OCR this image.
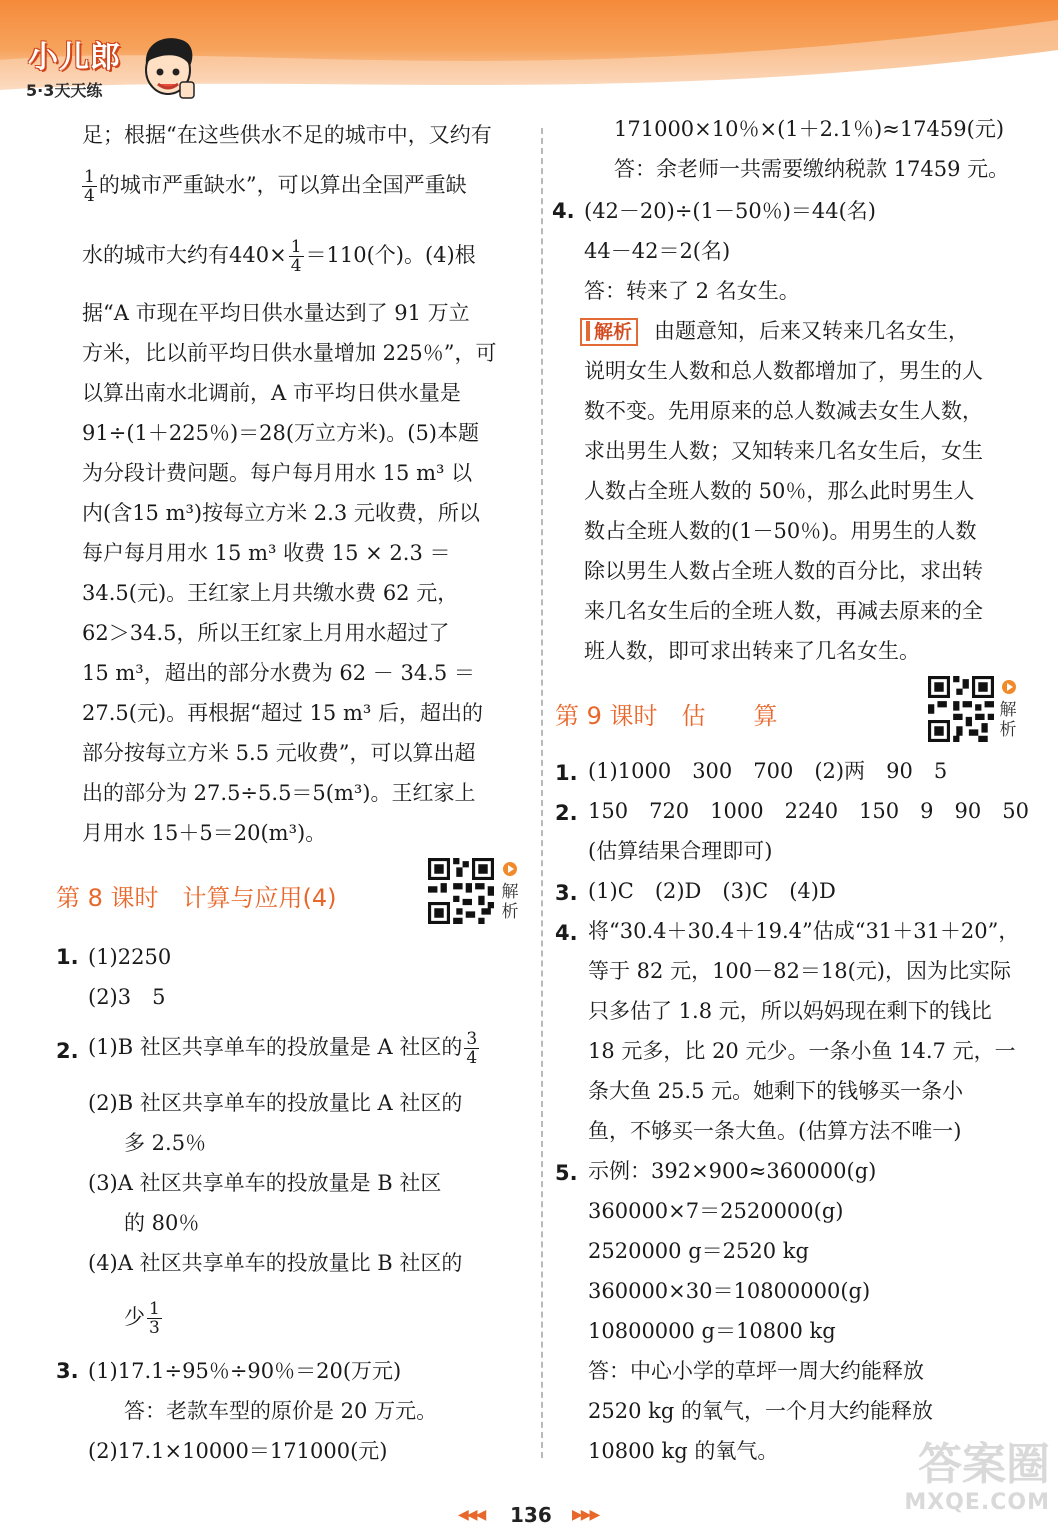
小儿郎
5·3天天练
足；根据“在这些供水不足的城市中，又约有
$\frac{1}{4}$ 的城市严重缺水”，可以算出全国严重缺
水的城市大约有$440\times \frac{1}{4} =110$(个)。(4)根
据“A 市现在平均日供水量达到了 91 万立
方米，比以前平均日供水量增加 225％”，可
以算出南水北调前，A 市平均日供水量是
91÷(1＋225％)＝28(万立方米)。(5)本题
为分段计费问题。每户每月用水 15 m³ 以
内(含15 m³)按每立方米 2.3 元收费，所以
每户每月用水 15 m³ 收费 15 × 2.3 ＝
34.5(元)。王红家上月共缴水费 62 元，
62＞34.5，所以王红家上月用水超过了
15 m³，超出的部分水费为 62 － 34.5 ＝
27.5(元)。再根据“超过 15 m³ 后，超出的
部分按每立方米 5.5 元收费”，可以算出超
出的部分为 27.5÷5.5＝5(m³)。王红家上
月用水 15＋5＝20(m³)。
第 8 课时 计算与应用(4)	解析
1. (1)2250
(2)3　5
2. (1)B 社区共享单车的投放量是 A 社区的 $\frac{3}{4}$
(2)B 社区共享单车的投放量比 A 社区的
多 2.5％
(3)A 社区共享单车的投放量是 B 社区
的 80％
(4)A 社区共享单车的投放量比 B 社区的
少 $\frac{1}{3}$
3. (1)17.1÷95％÷90％＝20(万元)
答：老款车型的原价是 20 万元。
(2)17.1×10000＝171000(元)
171000×10％×(1＋2.1％)≈17459(元)
答：余老师一共需要缴纳税款 17459 元。
4. (42－20)÷(1－50％)＝44(名)
44－42＝2(名)
答：转来了 2 名女生。
解析 由题意知，后来又转来几名女生，
说明女生人数和总人数都增加了，男生的人
数不变。先用原来的总人数减去女生人数，
求出男生人数；又知转来几名女生后，女生
人数占全班人数的 50％，那么此时男生人
数占全班人数的(1－50％)。用男生的人数
除以男生人数占全班人数的百分比，求出转
来几名女生后的全班人数，再减去原来的全
班人数，即可求出转来了几名女生。
第 9 课时 估　　算	解析
1. (1)1000　300　700　(2)两　90　5
2. 150　720　1000　2240　150　9　90　50
(估算结果合理即可)
3. (1)C　(2)D　(3)C　(4)D
4. 将“30.4＋30.4＋19.4”估成“31＋31＋20”，
等于 82 元，100－82＝18(元)，因为比实际
只多估了 1.8 元，所以妈妈现在剩下的钱比
18 元多，比 20 元少。一条小鱼 14.7 元，一
条大鱼 25.5 元。她剩下的钱够买一条小
鱼，不够买一条大鱼。(估算方法不唯一)
5. 示例：392×900≈360000(g)
360000×7＝2520000(g)
2520000 g＝2520 kg
360000×30＝10800000(g)
10800000 g＝10800 kg
答：中心小学的草坪一周大约能释放
2520 kg 的氧气，一个月大约能释放
10800 kg 的氧气。
◀◀◀ 136 ▶▶▶
答案圈
MXQE.COM
